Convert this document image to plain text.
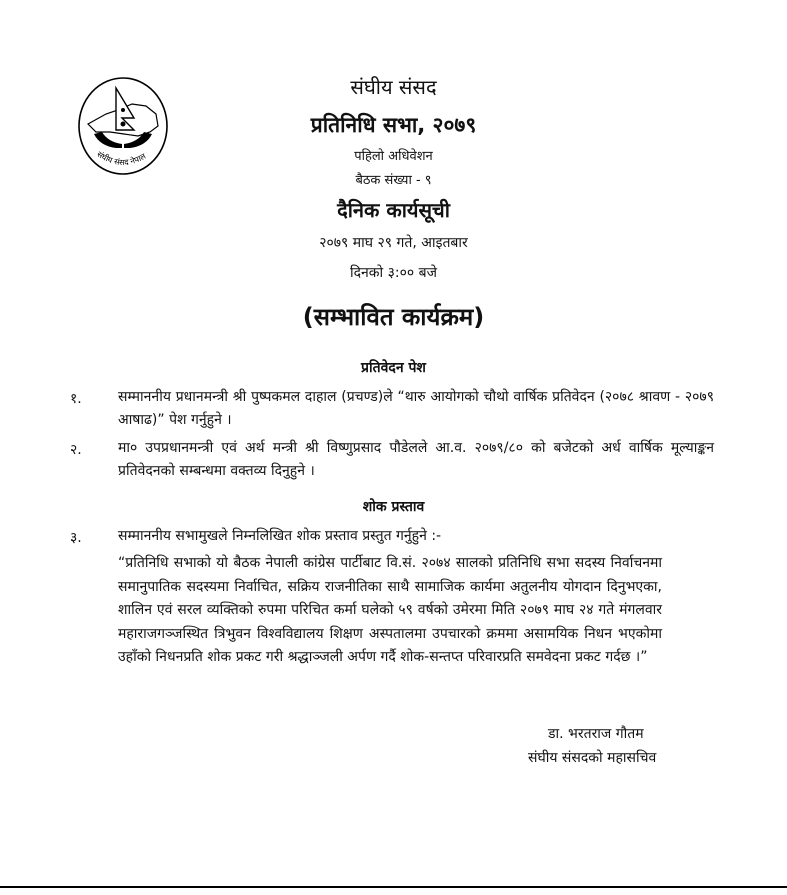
संघीय संसद नेपाल
संघीय संसद
प्रतिनिधि सभा, २०७९
पहिलो अधिवेशन
बैठक संख्या - ९
दैनिक कार्यसूची
२०७९ माघ २९ गते, आइतबार
दिनको ३:०० बजे
(सम्भावित कार्यक्रम)
प्रतिवेदन पेश
१.	सम्माननीय प्रधानमन्त्री श्री पुष्पकमल दाहाल (प्रचण्ड)ले “थारु आयोगको चौथो वार्षिक प्रतिवेदन (२०७८ श्रावण - २०७९ आषाढ)” पेश गर्नुहुने ।
२.	मा० उपप्रधानमन्त्री एवं अर्थ मन्त्री श्री विष्णुप्रसाद पौडेलले आ.व. २०७९/८० को बजेटको अर्ध वार्षिक मूल्याङ्कन प्रतिवेदनको सम्बन्धमा वक्तव्य दिनुहुने ।
शोक प्रस्ताव
३.	सम्माननीय सभामुखले निम्नलिखित शोक प्रस्ताव प्रस्तुत गर्नुहुने :-
“प्रतिनिधि सभाको यो बैठक नेपाली कांग्रेस पार्टीबाट वि.सं. २०७४ सालको प्रतिनिधि सभा सदस्य निर्वाचनमा समानुपातिक सदस्यमा निर्वाचित, सक्रिय राजनीतिका साथै सामाजिक कार्यमा अतुलनीय योगदान दिनुभएका, शालिन एवं सरल व्यक्तिको रुपमा परिचित कर्मा घलेको ५९ वर्षको उमेरमा मिति २०७९ माघ २४ गते मंगलवार महाराजगञ्जस्थित त्रिभुवन विश्वविद्यालय शिक्षण अस्पतालमा उपचारको क्रममा असामयिक निधन भएकोमा उहाँको निधनप्रति शोक प्रकट गरी श्रद्धाञ्जली अर्पण गर्दै शोक-सन्तप्त परिवारप्रति समवेदना प्रकट गर्दछ ।”
डा. भरतराज गौतम
संघीय संसदको महासचिव
